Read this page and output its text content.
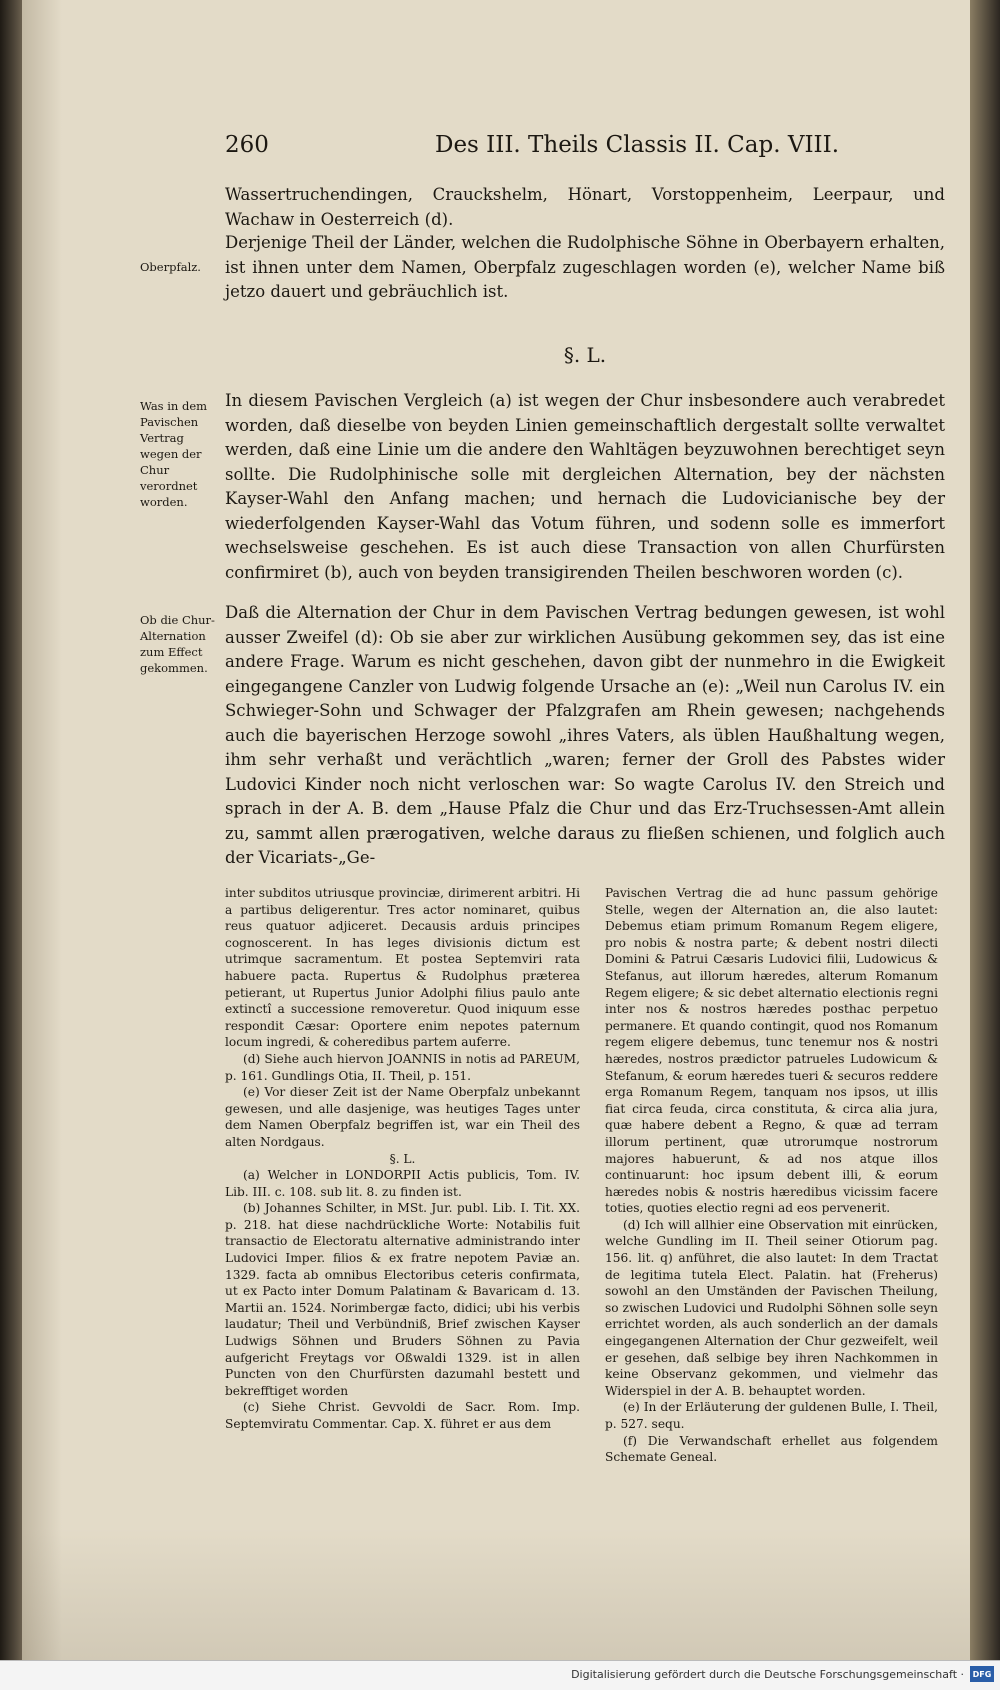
260	Des III. Theils Classis II. Cap. VIII.
Oberpfalz.
Was in dem Pavischen Vertrag wegen der Chur verordnet worden.
Ob die Chur-Alternation zum Effect gekommen.
Wassertruchendingen, Crauckshelm, Hönart, Vorstoppenheim, Leerpaur, und Wachaw in Oesterreich (d).
Derjenige Theil der Länder, welchen die Rudolphische Söhne in Oberbayern erhalten, ist ihnen unter dem Namen, Oberpfalz zugeschlagen worden (e), welcher Name biß jetzo dauert und gebräuchlich ist.
§. L.
In diesem Pavischen Vergleich (a) ist wegen der Chur insbesondere auch verabredet worden, daß dieselbe von beyden Linien gemeinschaftlich dergestalt sollte verwaltet werden, daß eine Linie um die andere den Wahltägen beyzuwohnen berechtiget seyn sollte. Die Rudolphinische solle mit dergleichen Alternation, bey der nächsten Kayser-Wahl den Anfang machen; und hernach die Ludovicianische bey der wiederfolgenden Kayser-Wahl das Votum führen, und sodenn solle es immerfort wechselsweise geschehen. Es ist auch diese Transaction von allen Churfürsten confirmiret (b), auch von beyden transigirenden Theilen beschworen worden (c).
Daß die Alternation der Chur in dem Pavischen Vertrag bedungen gewesen, ist wohl ausser Zweifel (d): Ob sie aber zur wirklichen Ausübung gekommen sey, das ist eine andere Frage. Warum es nicht geschehen, davon gibt der nunmehro in die Ewigkeit eingegangene Canzler von Ludwig folgende Ursache an (e): „Weil nun Carolus IV. ein Schwieger-Sohn und Schwager der Pfalzgrafen am Rhein gewesen; nachgehends auch die bayerischen Herzoge sowohl „ihres Vaters, als üblen Haußhaltung wegen, ihm sehr verhaßt und verächtlich „waren; ferner der Groll des Pabstes wider Ludovici Kinder noch nicht verloschen war: So wagte Carolus IV. den Streich und sprach in der A. B. dem „Hause Pfalz die Chur und das Erz-Truchsessen-Amt allein zu, sammt allen prærogativen, welche daraus zu fließen schienen, und folglich auch der Vicariats-„Ge-

inter subditos utriusque provinciæ, dirimerent arbitri. Hi a partibus deligerentur. Tres actor nominaret, quibus reus quatuor adjiceret. Decausis arduis principes cognoscerent. In has leges divisionis dictum est utrimque sacramentum. Et postea Septemviri rata habuere pacta. Rupertus & Rudolphus præterea petierant, ut Rupertus Junior Adolphi filius paulo ante extinctî a successione removeretur. Quod iniquum esse respondit Cæsar: Oportere enim nepotes paternum locum ingredi, & coheredibus partem auferre.

(d) Siehe auch hiervon JOANNIS in notis ad PAREUM, p. 161. Gundlings Otia, II. Theil, p. 151.

(e) Vor dieser Zeit ist der Name Oberpfalz unbekannt gewesen, und alle dasjenige, was heutiges Tages unter dem Namen Oberpfalz begriffen ist, war ein Theil des alten Nordgaus.

§. L.

(a) Welcher in LONDORPII Actis publicis, Tom. IV. Lib. III. c. 108. sub lit. 8. zu finden ist.

(b) Johannes Schilter, in MSt. Jur. publ. Lib. I. Tit. XX. p. 218. hat diese nachdrückliche Worte: Notabilis fuit transactio de Electoratu alternative administrando inter Ludovici Imper. filios & ex fratre nepotem Paviæ an. 1329. facta ab omnibus Electoribus ceteris confirmata, ut ex Pacto inter Domum Palatinam & Bavaricam d. 13. Martii an. 1524. Norimbergæ facto, didici; ubi his verbis laudatur; Theil und Verbündniß, Brief zwischen Kayser Ludwigs Söhnen und Bruders Söhnen zu Pavia aufgericht Freytags vor Oßwaldi 1329. ist in allen Puncten von den Churfürsten dazumahl bestett und bekrefftiget worden

(c) Siehe Christ. Gevvoldi de Sacr. Rom. Imp. Septemviratu Commentar. Cap. X. führet er aus dem

Pavischen Vertrag die ad hunc passum gehörige Stelle, wegen der Alternation an, die also lautet: Debemus etiam primum Romanum Regem eligere, pro nobis & nostra parte; & debent nostri dilecti Domini & Patrui Cæsaris Ludovici filii, Ludowicus & Stefanus, aut illorum hæredes, alterum Romanum Regem eligere; & sic debet alternatio electionis regni inter nos & nostros hæredes posthac perpetuo permanere. Et quando contingit, quod nos Romanum regem eligere debemus, tunc tenemur nos & nostri hæredes, nostros prædictor patrueles Ludowicum & Stefanum, & eorum hæredes tueri & securos reddere erga Romanum Regem, tanquam nos ipsos, ut illis fiat circa feuda, circa constituta, & circa alia jura, quæ habere debent a Regno, & quæ ad terram illorum pertinent, quæ utrorumque nostrorum majores habuerunt, & ad nos atque illos continuarunt: hoc ipsum debent illi, & eorum hæredes nobis & nostris hæredibus vicissim facere toties, quoties electio regni ad eos pervenerit.

(d) Ich will allhier eine Observation mit einrücken, welche Gundling im II. Theil seiner Otiorum pag. 156. lit. q) anführet, die also lautet: In dem Tractat de legitima tutela Elect. Palatin. hat (Freherus) sowohl an den Umständen der Pavischen Theilung, so zwischen Ludovici und Rudolphi Söhnen solle seyn errichtet worden, als auch sonderlich an der damals eingegangenen Alternation der Chur gezweifelt, weil er gesehen, daß selbige bey ihren Nachkommen in keine Observanz gekommen, und vielmehr das Widerspiel in der A. B. behauptet worden.

(e) In der Erläuterung der guldenen Bulle, I. Theil, p. 527. sequ.

(f) Die Verwandschaft erhellet aus folgendem Schemate Geneal.

Digitalisierung gefördert durch die Deutsche Forschungsgemeinschaft ·	DFG
